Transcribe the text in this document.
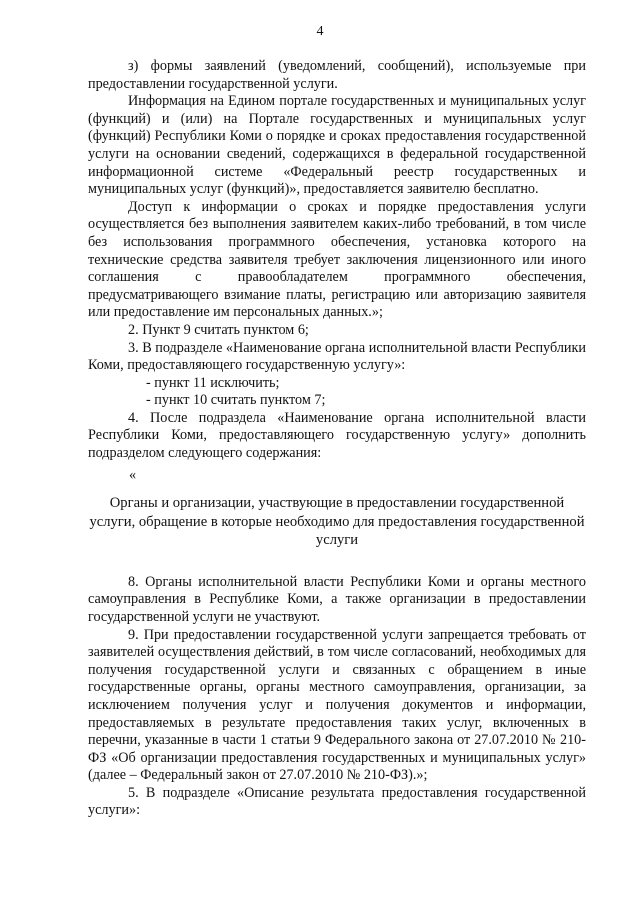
4

з) формы заявлений (уведомлений, сообщений), используемые при предоставлении государственной услуги.

Информация на Едином портале государственных и муниципальных услуг (функций) и (или) на Портале государственных и муниципальных услуг (функций) Республики Коми о порядке и сроках предоставления государственной услуги на основании сведений, содержащихся в федеральной государственной информационной системе «Федеральный реестр государственных и муниципальных услуг (функций)», предоставляется заявителю бесплатно.

Доступ к информации о сроках и порядке предоставления услуги осуществляется без выполнения заявителем каких-либо требований, в том числе без использования программного обеспечения, установка которого на технические средства заявителя требует заключения лицензионного или иного соглашения с правообладателем программного обеспечения, предусматривающего взимание платы, регистрацию или авторизацию заявителя или предоставление им персональных данных.»;

2. Пункт 9 считать пунктом 6;

3. В подразделе «Наименование органа исполнительной власти Республики Коми, предоставляющего государственную услугу»:

- пункт 11 исключить;

- пункт 10 считать пунктом 7;

4. После подраздела «Наименование органа исполнительной власти Республики Коми, предоставляющего государственную услугу» дополнить подразделом следующего содержания:

«

Органы и организации, участвующие в предоставлении государственной услуги, обращение в которые необходимо для предоставления государственной услуги

8. Органы исполнительной власти Республики Коми и органы местного самоуправления в Республике Коми, а также организации в предоставлении государственной услуги не участвуют.

9. При предоставлении государственной услуги запрещается требовать от заявителей осуществления действий, в том числе согласований, необходимых для получения государственной услуги и связанных с обращением в иные государственные органы, органы местного самоуправления, организации, за исключением получения услуг и получения документов и информации, предоставляемых в результате предоставления таких услуг, включенных в перечни, указанные в части 1 статьи 9 Федерального закона от 27.07.2010 № 210-ФЗ «Об организации предоставления государственных и муниципальных услуг» (далее – Федеральный закон от 27.07.2010 № 210-ФЗ).»;

5. В подразделе «Описание результата предоставления государственной услуги»:
